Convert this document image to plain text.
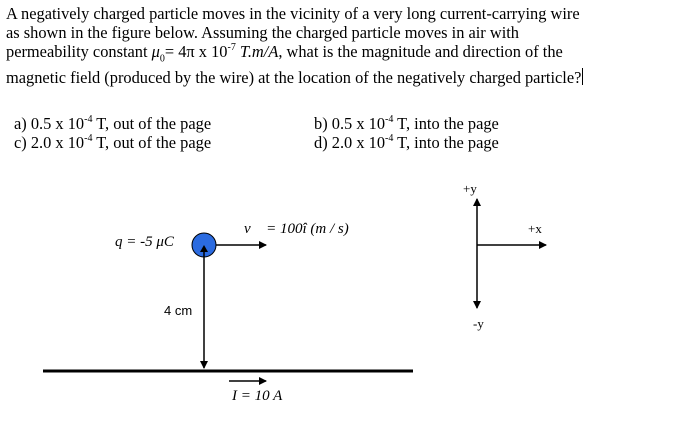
A negatively charged particle moves in the vicinity of a very long current-carrying wire
as shown in the figure below. Assuming the charged particle moves in air with
permeability constant $\mu_0= 4\pi$ x $10^{-7}$ T.m/A, what is the magnitude and direction of the
magnetic field (produced by the wire) at the location of the negatively charged particle?

a) 0.5 x $10^{-4}$ T, out of the page	b) 0.5 x $10^{-4}$ T, into the page
c) 2.0 x $10^{-4}$ T, out of the page	d) 2.0 x $10^{-4}$ T, into the page
q = -5 μC
v⃗ = 100î (m / s)
4 cm
I = 10 A
+y
-y
+x
